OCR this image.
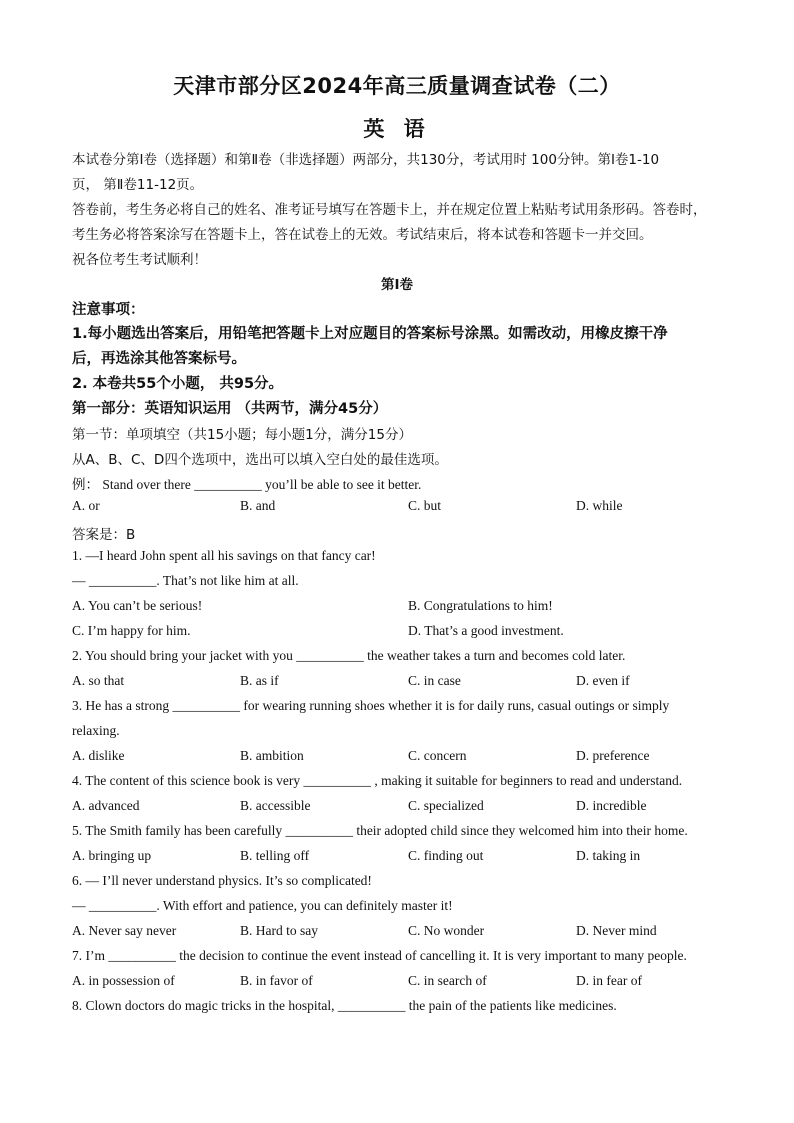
天津市部分区2024年高三质量调查试卷（二）
英 语
本试卷分第Ⅰ卷（选择题）和第Ⅱ卷（非选择题）两部分，共130分，考试用时 100分钟。第Ⅰ卷1-10
页， 第Ⅱ卷11-12页。
答卷前，考生务必将自己的姓名、准考证号填写在答题卡上，并在规定位置上粘贴考试用条形码。答卷时，
考生务必将答案涂写在答题卡上，答在试卷上的无效。考试结束后，将本试卷和答题卡一并交回。
祝各位考生考试顺利！
第Ⅰ卷
注意事项：
1.每小题选出答案后，用铅笔把答题卡上对应题目的答案标号涂黑。如需改动，用橡皮擦干净
后，再选涂其他答案标号。
2. 本卷共55个小题， 共95分。
第一部分：英语知识运用 （共两节，满分45分）
第一节：单项填空（共15小题；每小题1分，满分15分）
从A、B、C、D四个选项中，选出可以填入空白处的最佳选项。
例： Stand over there __________ you’ll be able to see it better.
A. or	B. and	C. but	D. while
答案是：B
1. —I heard John spent all his savings on that fancy car!
— __________. That’s not like him at all.
A. You can’t be serious!	B. Congratulations to him!
C. I’m happy for him.	D. That’s a good investment.
2. You should bring your jacket with you __________ the weather takes a turn and becomes cold later.
A. so that	B. as if	C. in case	D. even if
3. He has a strong __________ for wearing running shoes whether it is for daily runs, casual outings or simply
relaxing.
A. dislike	B. ambition	C. concern	D. preference
4. The content of this science book is very __________ , making it suitable for beginners to read and understand.
A. advanced	B. accessible	C. specialized	D. incredible
5. The Smith family has been carefully __________ their adopted child since they welcomed him into their home.
A. bringing up	B. telling off	C. finding out	D. taking in
6. — I’ll never understand physics. It’s so complicated!
— __________. With effort and patience, you can definitely master it!
A. Never say never	B. Hard to say	C. No wonder	D. Never mind
7. I’m __________ the decision to continue the event instead of cancelling it. It is very important to many people.
A. in possession of	B. in favor of	C. in search of	D. in fear of
8. Clown doctors do magic tricks in the hospital, __________ the pain of the patients like medicines.
